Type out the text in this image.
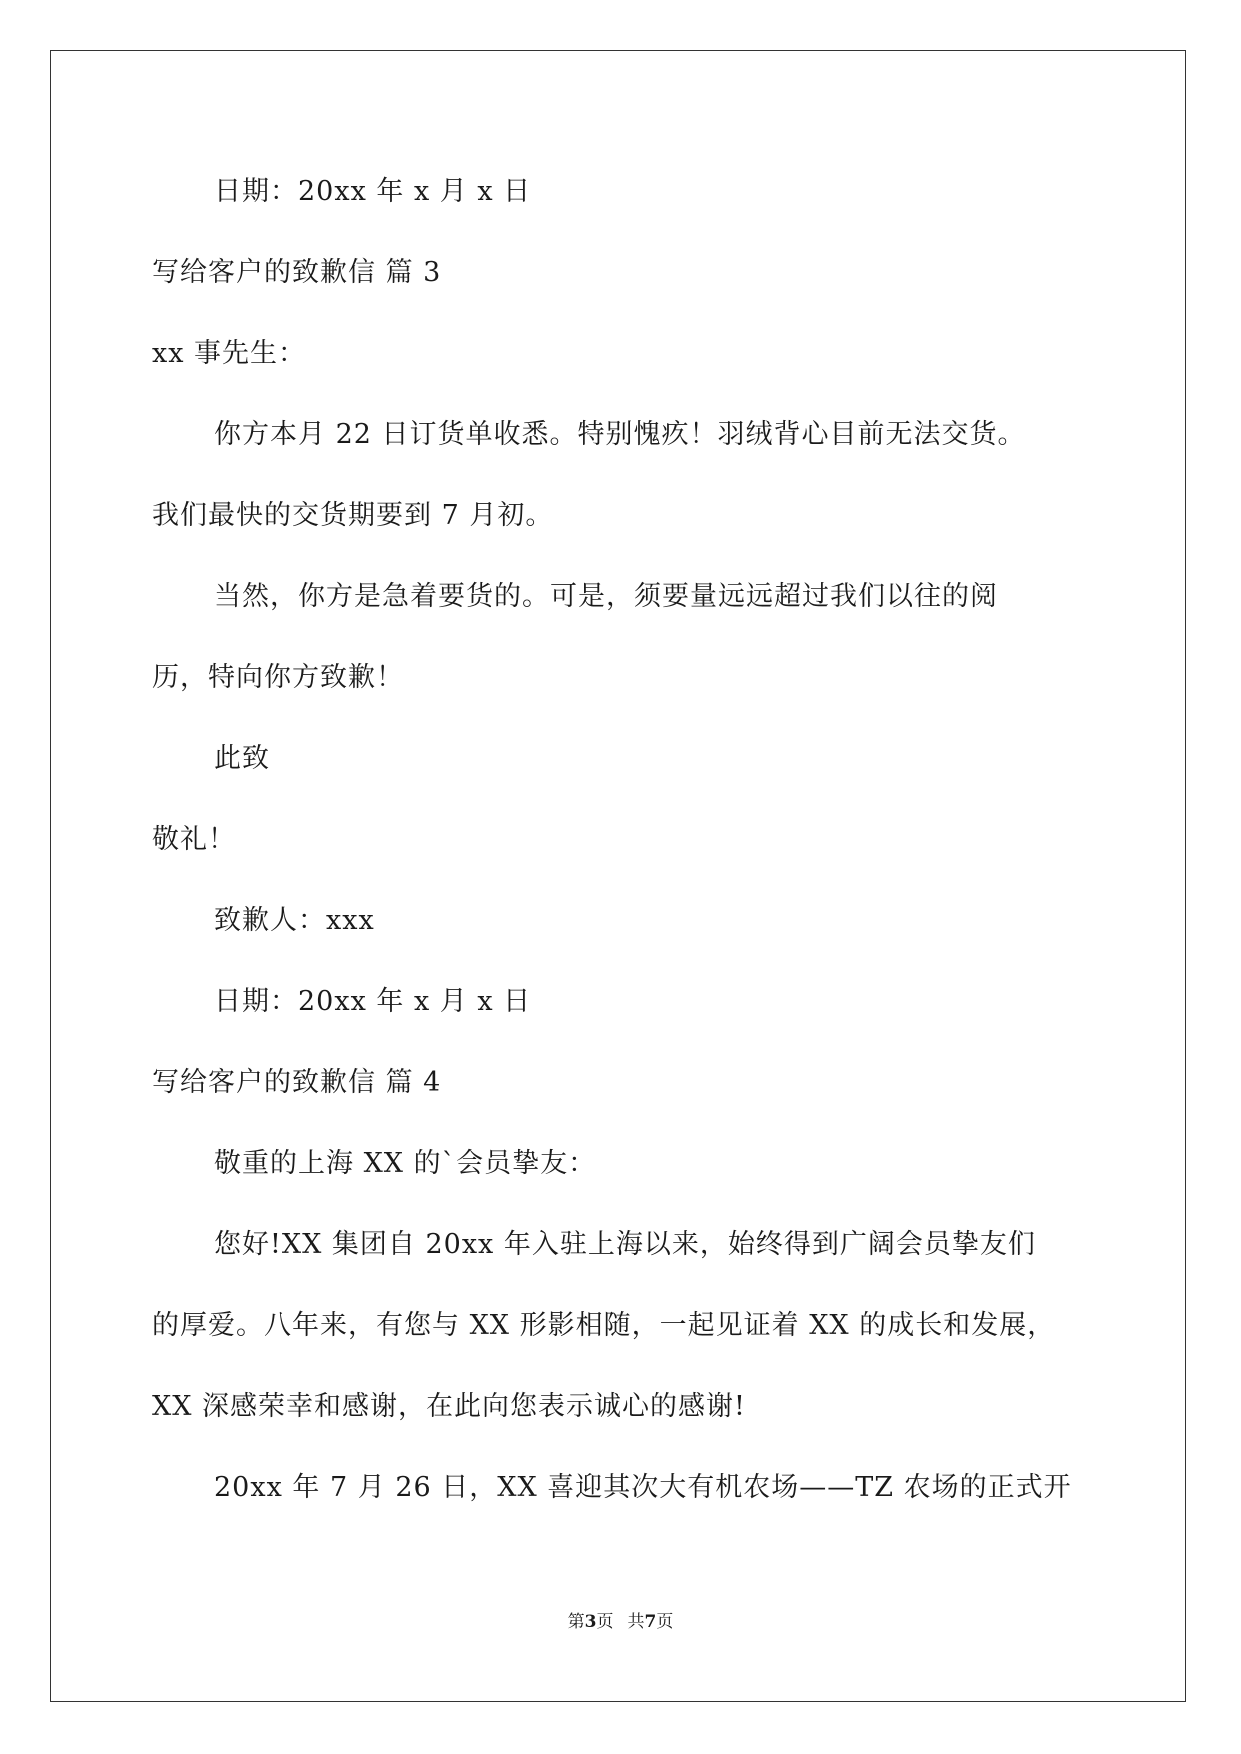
日期：20xx 年 x 月 x 日
写给客户的致歉信 篇 3
xx 事先生：
你方本月 22 日订货单收悉。特别愧疚！羽绒背心目前无法交货。
我们最快的交货期要到 7 月初。
当然，你方是急着要货的。可是，须要量远远超过我们以往的阅
历，特向你方致歉！
此致
敬礼！
致歉人：xxx
日期：20xx 年 x 月 x 日
写给客户的致歉信 篇 4
敬重的上海 XX 的`会员挚友：
您好!XX 集团自 20xx 年入驻上海以来，始终得到广阔会员挚友们
的厚爱。八年来，有您与 XX 形影相随，一起见证着 XX 的成长和发展，
XX 深感荣幸和感谢，在此向您表示诚心的感谢!
20xx 年 7 月 26 日，XX 喜迎其次大有机农场——TZ 农场的正式开
第3页 共7页
